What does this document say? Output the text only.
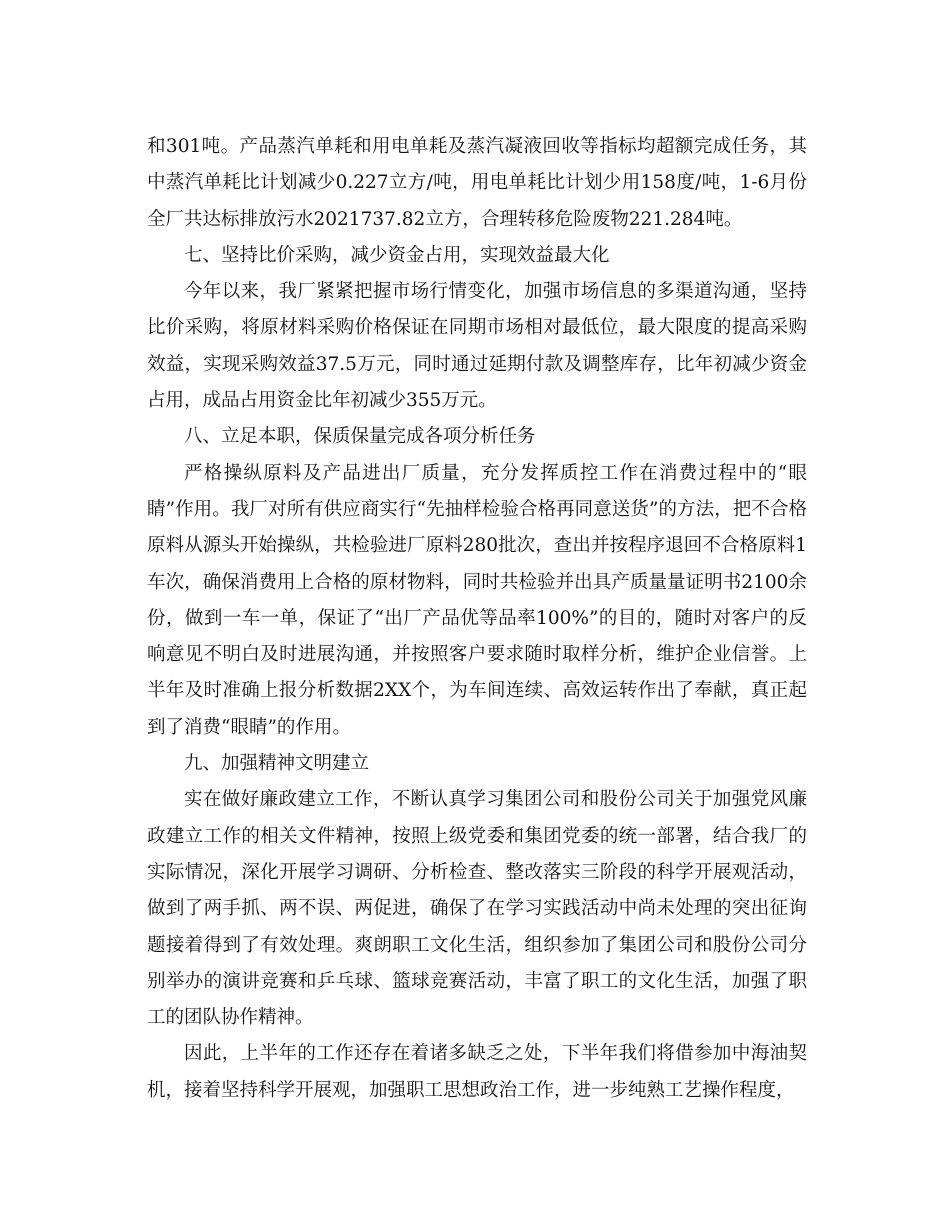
和301吨。产品蒸汽单耗和用电单耗及蒸汽凝液回收等指标均超额完成任务，其中蒸汽单耗比计划减少0.227立方/吨，用电单耗比计划少用158度/吨，1-6月份全厂共达标排放污水2021737.82立方，合理转移危险废物221.284吨。

七、坚持比价采购，减少资金占用，实现效益最大化

今年以来，我厂紧紧把握市场行情变化，加强市场信息的多渠道沟通，坚持比价采购，将原材料采购价格保证在同期市场相对最低位，最大限度的提高采购效益，实现采购效益37.5万元，同时通过延期付款及调整库存，比年初减少资金占用，成品占用资金比年初减少355万元。

八、立足本职，保质保量完成各项分析任务

严格操纵原料及产品进出厂质量，充分发挥质控工作在消费过程中的“眼睛”作用。我厂对所有供应商实行“先抽样检验合格再同意送货”的方法，把不合格原料从源头开始操纵，共检验进厂原料280批次，查出并按程序退回不合格原料1车次，确保消费用上合格的原材物料，同时共检验并出具产质量量证明书2100余份，做到一车一单，保证了“出厂产品优等品率100%”的目的，随时对客户的反响意见不明白及时进展沟通，并按照客户要求随时取样分析，维护企业信誉。上半年及时准确上报分析数据2XX个，为车间连续、高效运转作出了奉献，真正起到了消费“眼睛”的作用。

九、加强精神文明建立

实在做好廉政建立工作，不断认真学习集团公司和股份公司关于加强党风廉政建立工作的相关文件精神，按照上级党委和集团党委的统一部署，结合我厂的实际情况，深化开展学习调研、分析检查、整改落实三阶段的科学开展观活动，做到了两手抓、两不误、两促进，确保了在学习实践活动中尚未处理的突出征询题接着得到了有效处理。爽朗职工文化生活，组织参加了集团公司和股份公司分别举办的演讲竞赛和乒乓球、篮球竞赛活动，丰富了职工的文化生活，加强了职工的团队协作精神。

因此，上半年的工作还存在着诸多缺乏之处，下半年我们将借参加中海油契机，接着坚持科学开展观，加强职工思想政治工作，进一步纯熟工艺操作程度，
